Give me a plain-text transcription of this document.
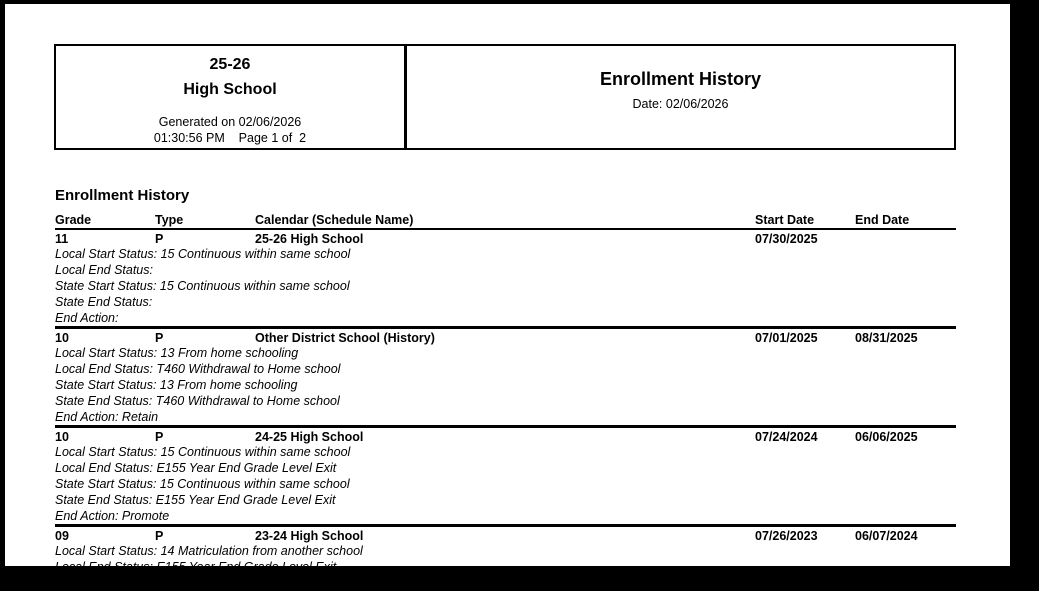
25-26
High School
Generated on 02/06/2026
01:30:56 PM    Page 1 of  2
Enrollment History
Date: 02/06/2026
Enrollment History
Grade	Type	Calendar (Schedule Name)	Start Date	End Date
11	P	25-26 High School	07/30/2025
Local Start Status: 15 Continuous within same school
Local End Status:
State Start Status: 15 Continuous within same school
State End Status:
End Action:
10	P	Other District School (History)	07/01/2025	08/31/2025
Local Start Status: 13 From home schooling
Local End Status: T460 Withdrawal to Home school
State Start Status: 13 From home schooling
State End Status: T460 Withdrawal to Home school
End Action: Retain
10	P	24-25 High School	07/24/2024	06/06/2025
Local Start Status: 15 Continuous within same school
Local End Status: E155 Year End Grade Level Exit
State Start Status: 15 Continuous within same school
State End Status: E155 Year End Grade Level Exit
End Action: Promote
09	P	23-24 High School	07/26/2023	06/07/2024
Local Start Status: 14 Matriculation from another school
Local End Status: E155 Year End Grade Level Exit
